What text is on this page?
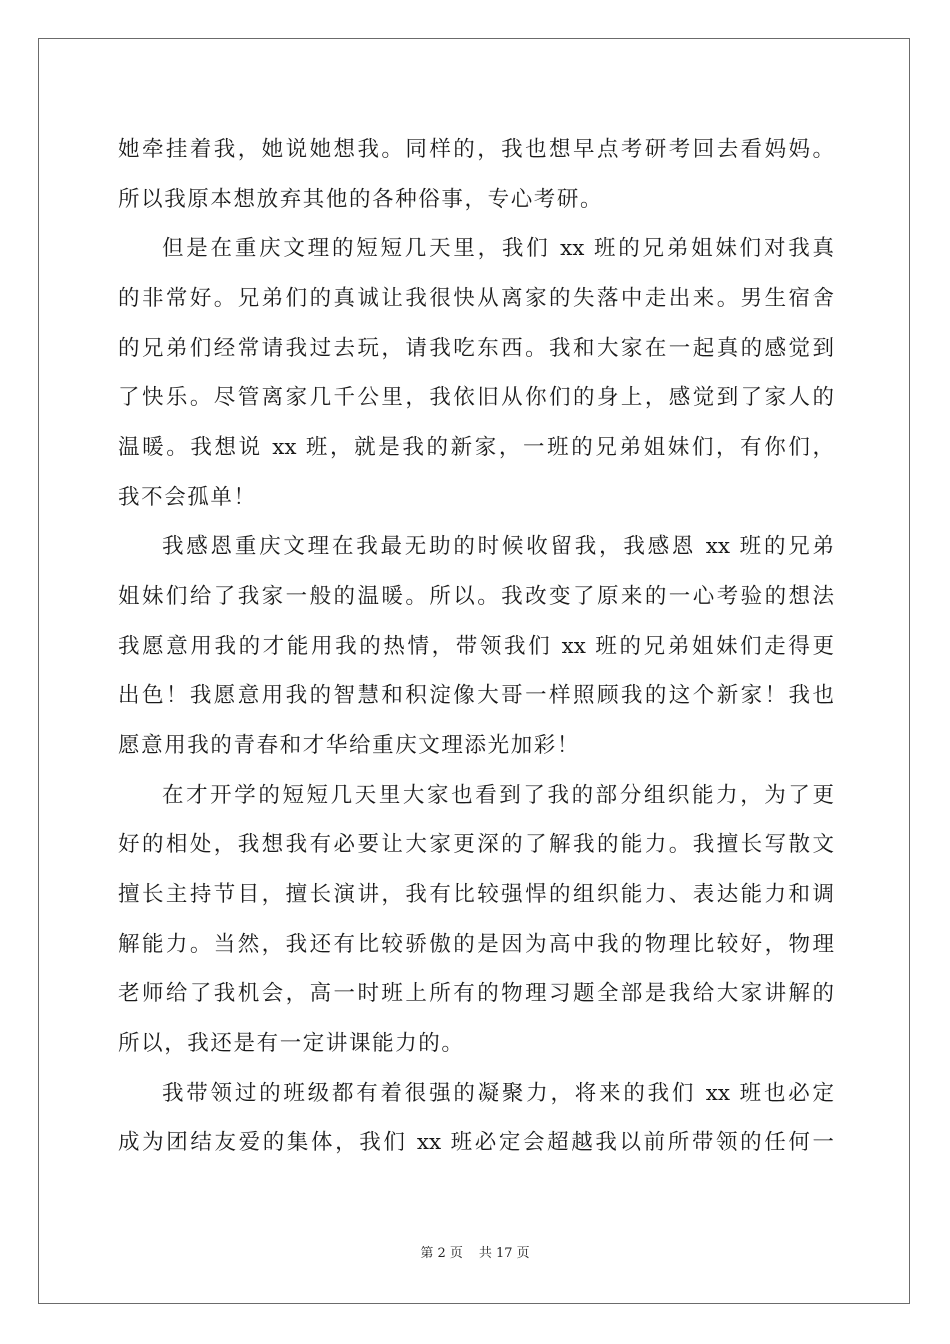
她牵挂着我，她说她想我。同样的，我也想早点考研考回去看妈妈。
所以我原本想放弃其他的各种俗事，专心考研。
但是在重庆文理的短短几天里，我们 xx 班的兄弟姐妹们对我真
的非常好。兄弟们的真诚让我很快从离家的失落中走出来。男生宿舍
的兄弟们经常请我过去玩，请我吃东西。我和大家在一起真的感觉到
了快乐。尽管离家几千公里，我依旧从你们的身上，感觉到了家人的
温暖。我想说 xx 班，就是我的新家，一班的兄弟姐妹们，有你们，
我不会孤单！
我感恩重庆文理在我最无助的时候收留我，我感恩 xx 班的兄弟
姐妹们给了我家一般的温暖。所以。我改变了原来的一心考验的想法
我愿意用我的才能用我的热情，带领我们 xx 班的兄弟姐妹们走得更
出色！我愿意用我的智慧和积淀像大哥一样照顾我的这个新家！我也
愿意用我的青春和才华给重庆文理添光加彩！
在才开学的短短几天里大家也看到了我的部分组织能力，为了更
好的相处，我想我有必要让大家更深的了解我的能力。我擅长写散文
擅长主持节目，擅长演讲，我有比较强悍的组织能力、表达能力和调
解能力。当然，我还有比较骄傲的是因为高中我的物理比较好，物理
老师给了我机会，高一时班上所有的物理习题全部是我给大家讲解的
所以，我还是有一定讲课能力的。
我带领过的班级都有着很强的凝聚力，将来的我们 xx 班也必定
成为团结友爱的集体，我们 xx 班必定会超越我以前所带领的任何一
第 2 页 共 17 页
